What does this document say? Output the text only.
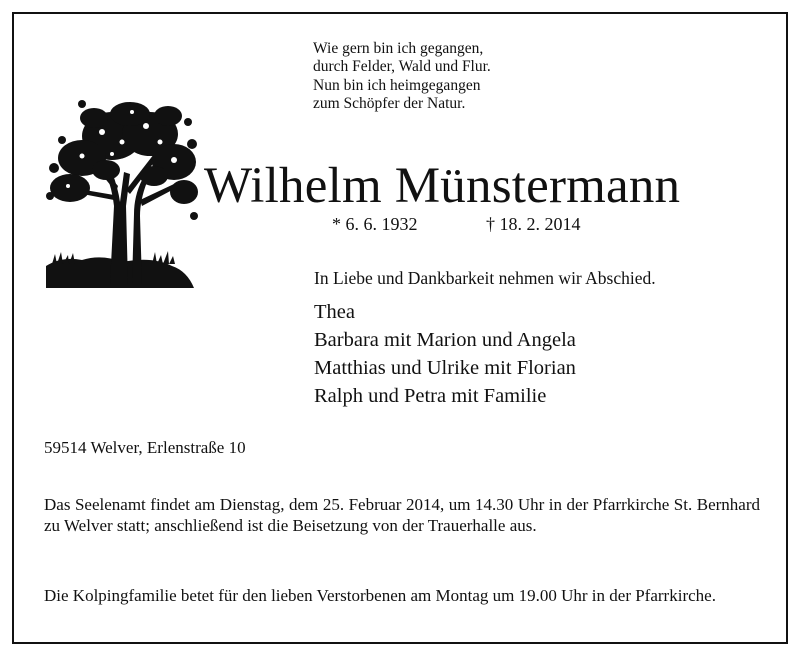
Wie gern bin ich gegangen,
durch Felder, Wald und Flur.
Nun bin ich heimgegangen
zum Schöpfer der Natur.
Wilhelm Münstermann
* 6. 6. 1932	† 18. 2. 2014
In Liebe und Dankbarkeit nehmen wir Abschied.
Thea
Barbara mit Marion und Angela
Matthias und Ulrike mit Florian
Ralph und Petra mit Familie
59514 Welver, Erlenstraße 10
Das Seelenamt findet am Dienstag, dem 25. Februar 2014, um 14.30 Uhr in der Pfarrkirche St. Bernhard zu Welver statt; anschließend ist die Beisetzung von der Trauerhalle aus.
Die Kolpingfamilie betet für den lieben Verstorbenen am Montag um 19.00 Uhr in der Pfarrkirche.
